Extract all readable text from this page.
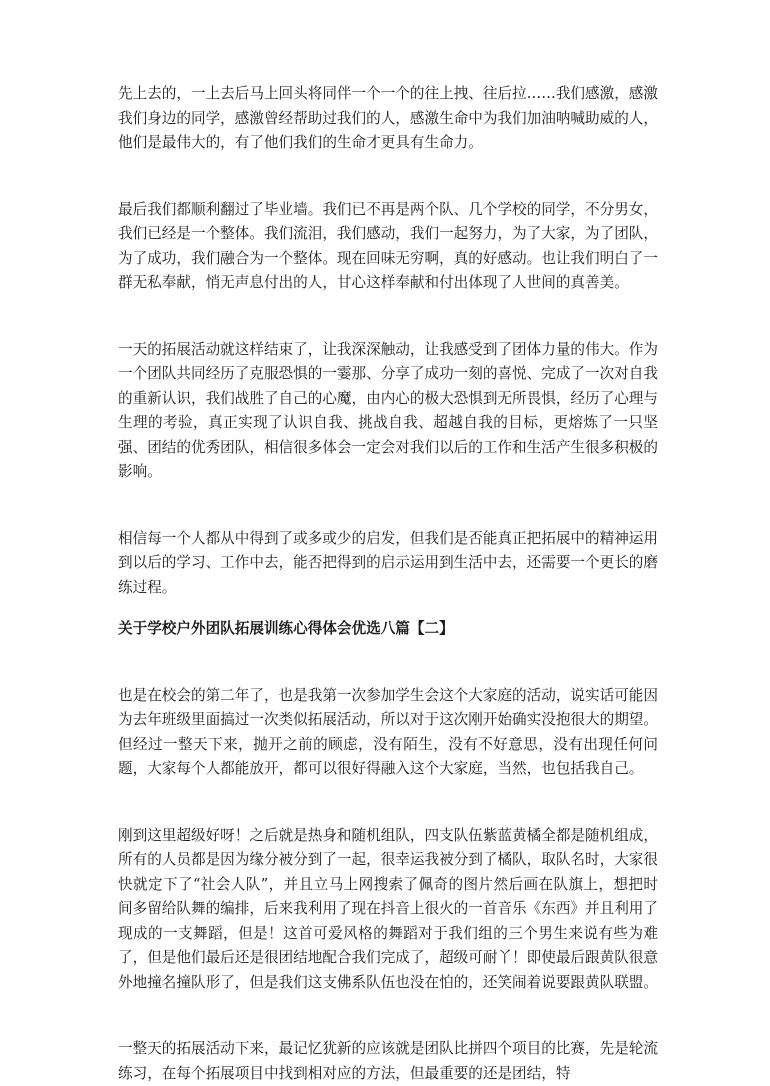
先上去的，一上去后马上回头将同伴一个一个的往上拽、往后拉……我们感激，感激我们身边的同学，感激曾经帮助过我们的人，感激生命中为我们加油呐喊助威的人，他们是最伟大的，有了他们我们的生命才更具有生命力。

最后我们都顺利翻过了毕业墙。我们已不再是两个队、几个学校的同学，不分男女，我们已经是一个整体。我们流泪，我们感动，我们一起努力，为了大家，为了团队，为了成功，我们融合为一个整体。现在回味无穷啊，真的好感动。也让我们明白了一群无私奉献，悄无声息付出的人，甘心这样奉献和付出体现了人世间的真善美。

一天的拓展活动就这样结束了，让我深深触动，让我感受到了团体力量的伟大。作为一个团队共同经历了克服恐惧的一霎那、分享了成功一刻的喜悦、完成了一次对自我的重新认识，我们战胜了自己的心魔，由内心的极大恐惧到无所畏惧，经历了心理与生理的考验，真正实现了认识自我、挑战自我、超越自我的目标，更熔炼了一只坚强、团结的优秀团队，相信很多体会一定会对我们以后的工作和生活产生很多积极的影响。

相信每一个人都从中得到了或多或少的启发，但我们是否能真正把拓展中的精神运用到以后的学习、工作中去，能否把得到的启示运用到生活中去，还需要一个更长的磨练过程。

关于学校户外团队拓展训练心得体会优选八篇【二】

也是在校会的第二年了，也是我第一次参加学生会这个大家庭的活动，说实话可能因为去年班级里面搞过一次类似拓展活动，所以对于这次刚开始确实没抱很大的期望。但经过一整天下来，抛开之前的顾虑，没有陌生，没有不好意思，没有出现任何问题，大家每个人都能放开，都可以很好得融入这个大家庭，当然，也包括我自己。

刚到这里超级好呀！之后就是热身和随机组队，四支队伍紫蓝黄橘全都是随机组成，所有的人员都是因为缘分被分到了一起，很幸运我被分到了橘队，取队名时，大家很快就定下了“社会人队”，并且立马上网搜索了佩奇的图片然后画在队旗上，想把时间多留给队舞的编排，后来我利用了现在抖音上很火的一首音乐《东西》并且利用了现成的一支舞蹈，但是！这首可爱风格的舞蹈对于我们组的三个男生来说有些为难了，但是他们最后还是很团结地配合我们完成了，超级可耐丫！即使最后跟黄队很意外地撞名撞队形了，但是我们这支佛系队伍也没在怕的，还笑闹着说要跟黄队联盟。

一整天的拓展活动下来，最记忆犹新的应该就是团队比拼四个项目的比赛，先是轮流练习，在每个拓展项目中找到相对应的方法，但最重要的还是团结，特
